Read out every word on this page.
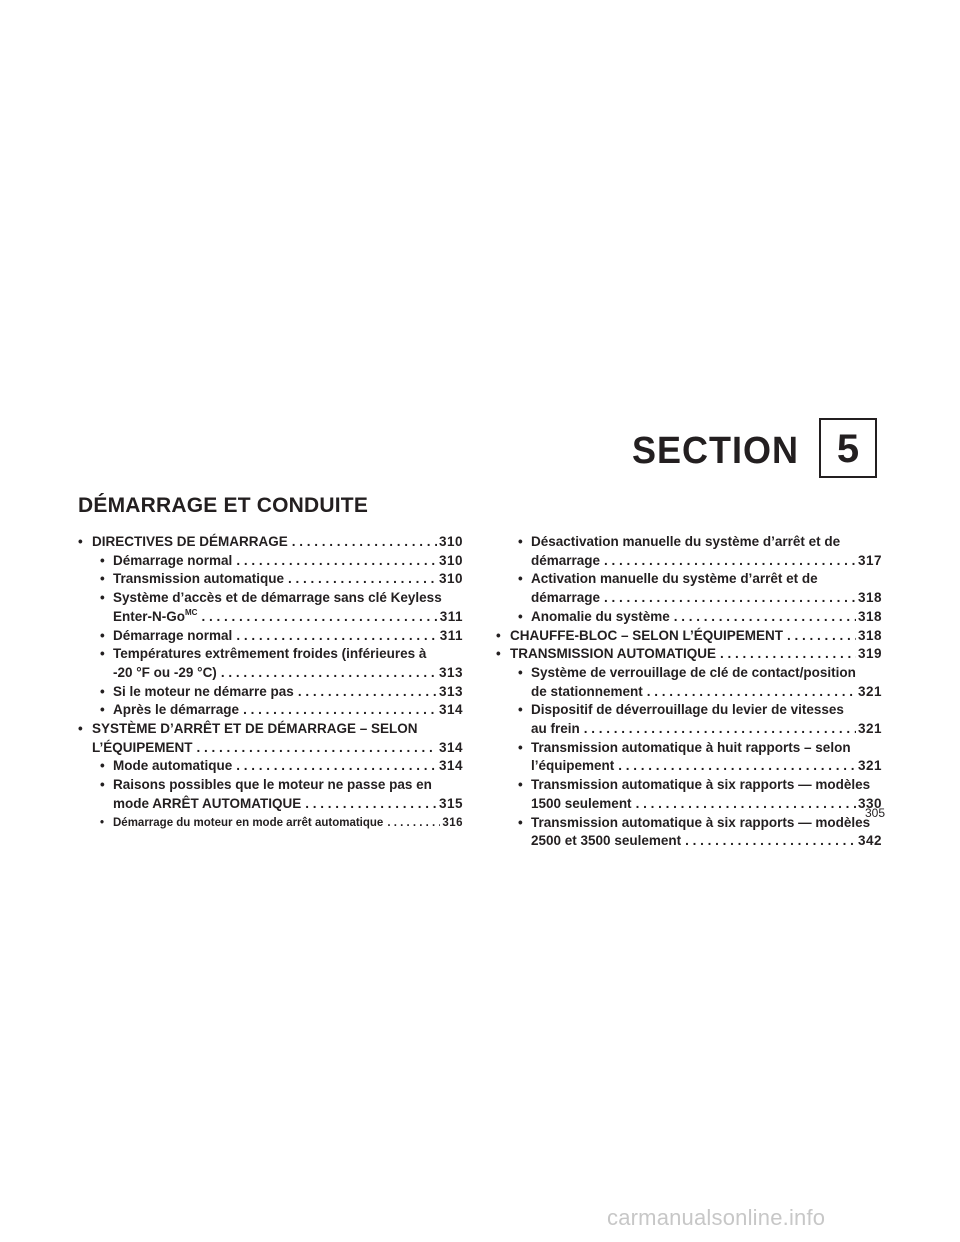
SECTION 5
DÉMARRAGE ET CONDUITE
• DIRECTIVES DE DÉMARRAGE . . .	310
• Démarrage normal . . .	310
• Transmission automatique . . .	310
• Système d’accès et de démarrage sans clé Keyless
Enter-$N-Go^{MC}$ . . .	311
• Démarrage normal . . .	311
• Températures extrêmement froides (inférieures à
-20 °F ou -29 °C) . . .	313
• Si le moteur ne démarre pas . . .	313
• Après le démarrage . . .	314
• SYSTÈME D’ARRÊT ET DE DÉMARRAGE – SELON
L’ÉQUIPEMENT . . .	314
• Mode automatique . . .	314
• Raisons possibles que le moteur ne passe pas en
mode ARRÊT AUTOMATIQUE . . .	315
• Démarrage du moteur en mode arrêt automatique . . .	316
• Désactivation manuelle du système d’arrêt et de
démarrage . . .	317
• Activation manuelle du système d’arrêt et de
démarrage . . .	318
• Anomalie du système . . .	318
• CHAUFFE-BLOC – SELON L’ÉQUIPEMENT . . .	318
• TRANSMISSION AUTOMATIQUE . . .	319
• Système de verrouillage de clé de contact/position
de stationnement . . .	321
• Dispositif de déverrouillage du levier de vitesses
au frein . . .	321
• Transmission automatique à huit rapports – selon
l’équipement . . .	321
• Transmission automatique à six rapports — modèles
1500 seulement . . .	330
• Transmission automatique à six rapports — modèles
2500 et 3500 seulement . . .	342
305
carmanualsonline.info
